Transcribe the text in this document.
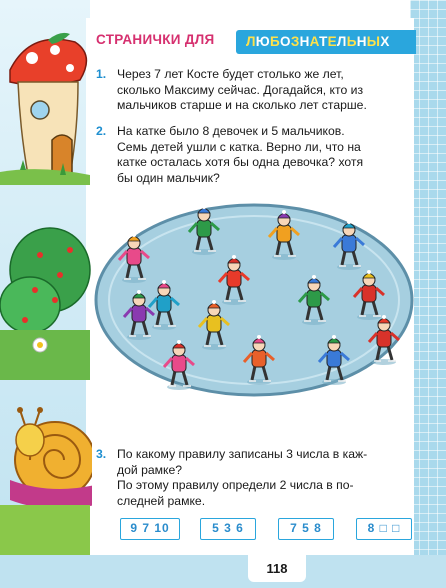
СТРАНИЧКИ ДЛЯ	ЛЮБОЗНАТЕЛЬНЫХ
1. Через 7 лет Косте будет столько же лет,

сколько Максиму сейчас. Догадайся, кто из

мальчиков старше и на сколько лет старше.

2. На катке было 8 девочек и 5 мальчиков.

Семь детей ушли с катка. Верно ли, что на

катке осталась хотя бы одна девочка? хотя

бы один мальчик?

3. По какому правилу записаны 3 числа в каж-

дой рамке?

По этому правилу определи 2 числа в по-

следней рамке.

9 7 10	5 3 6	7 5 8	8 □ □
118
